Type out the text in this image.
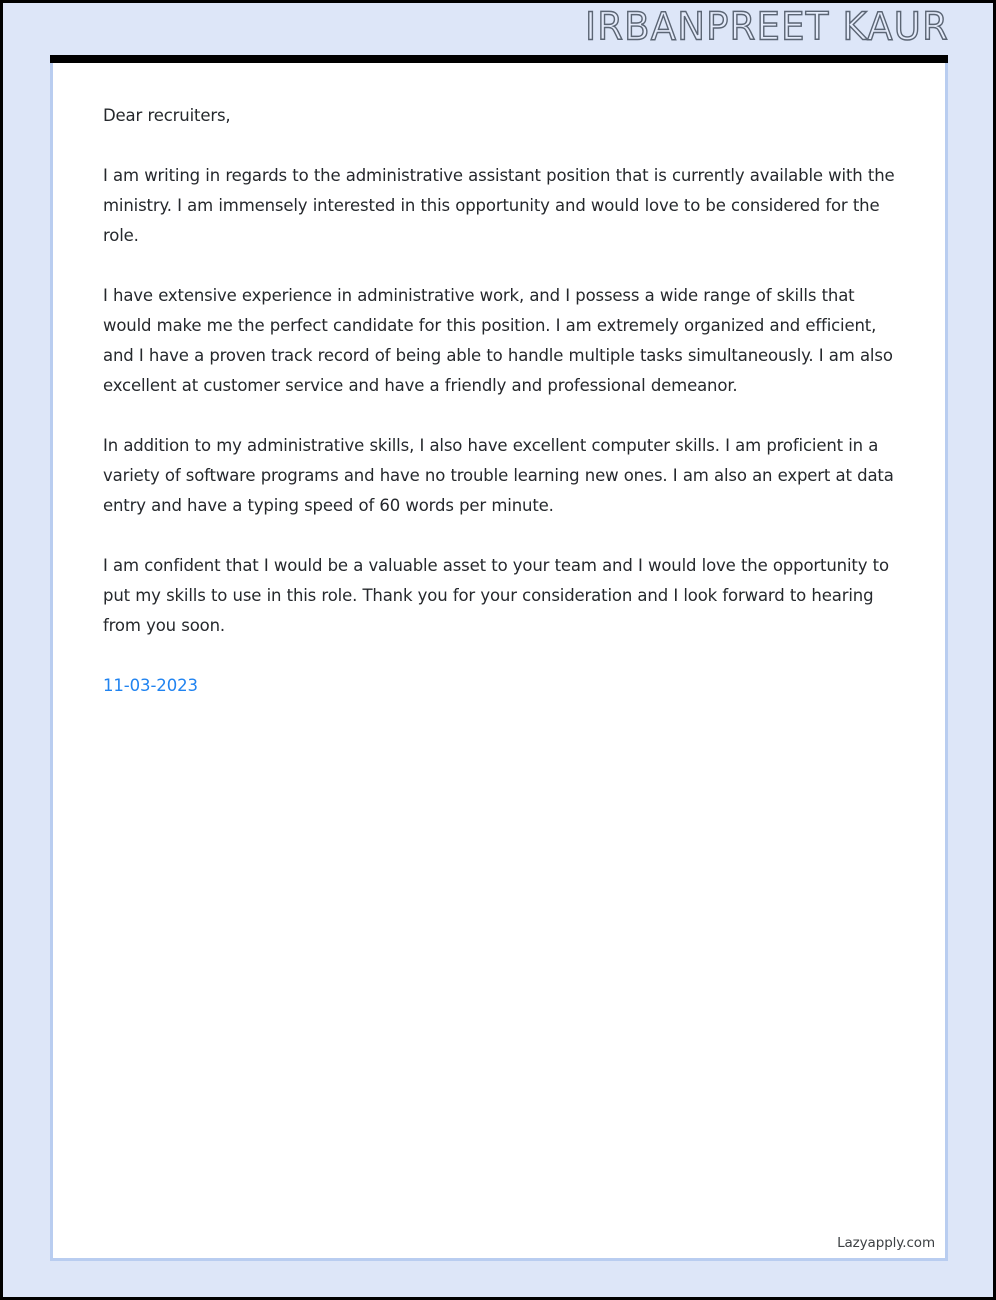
IRBANPREET KAUR

Dear recruiters,

I am writing in regards to the administrative assistant position that is currently available with the ministry. I am immensely interested in this opportunity and would love to be considered for the role.

I have extensive experience in administrative work, and I possess a wide range of skills that would make me the perfect candidate for this position. I am extremely organized and efficient, and I have a proven track record of being able to handle multiple tasks simultaneously. I am also excellent at customer service and have a friendly and professional demeanor.

In addition to my administrative skills, I also have excellent computer skills. I am proficient in a variety of software programs and have no trouble learning new ones. I am also an expert at data entry and have a typing speed of 60 words per minute.

I am confident that I would be a valuable asset to your team and I would love the opportunity to put my skills to use in this role. Thank you for your consideration and I look forward to hearing from you soon.

11-03-2023

Lazyapply.com
